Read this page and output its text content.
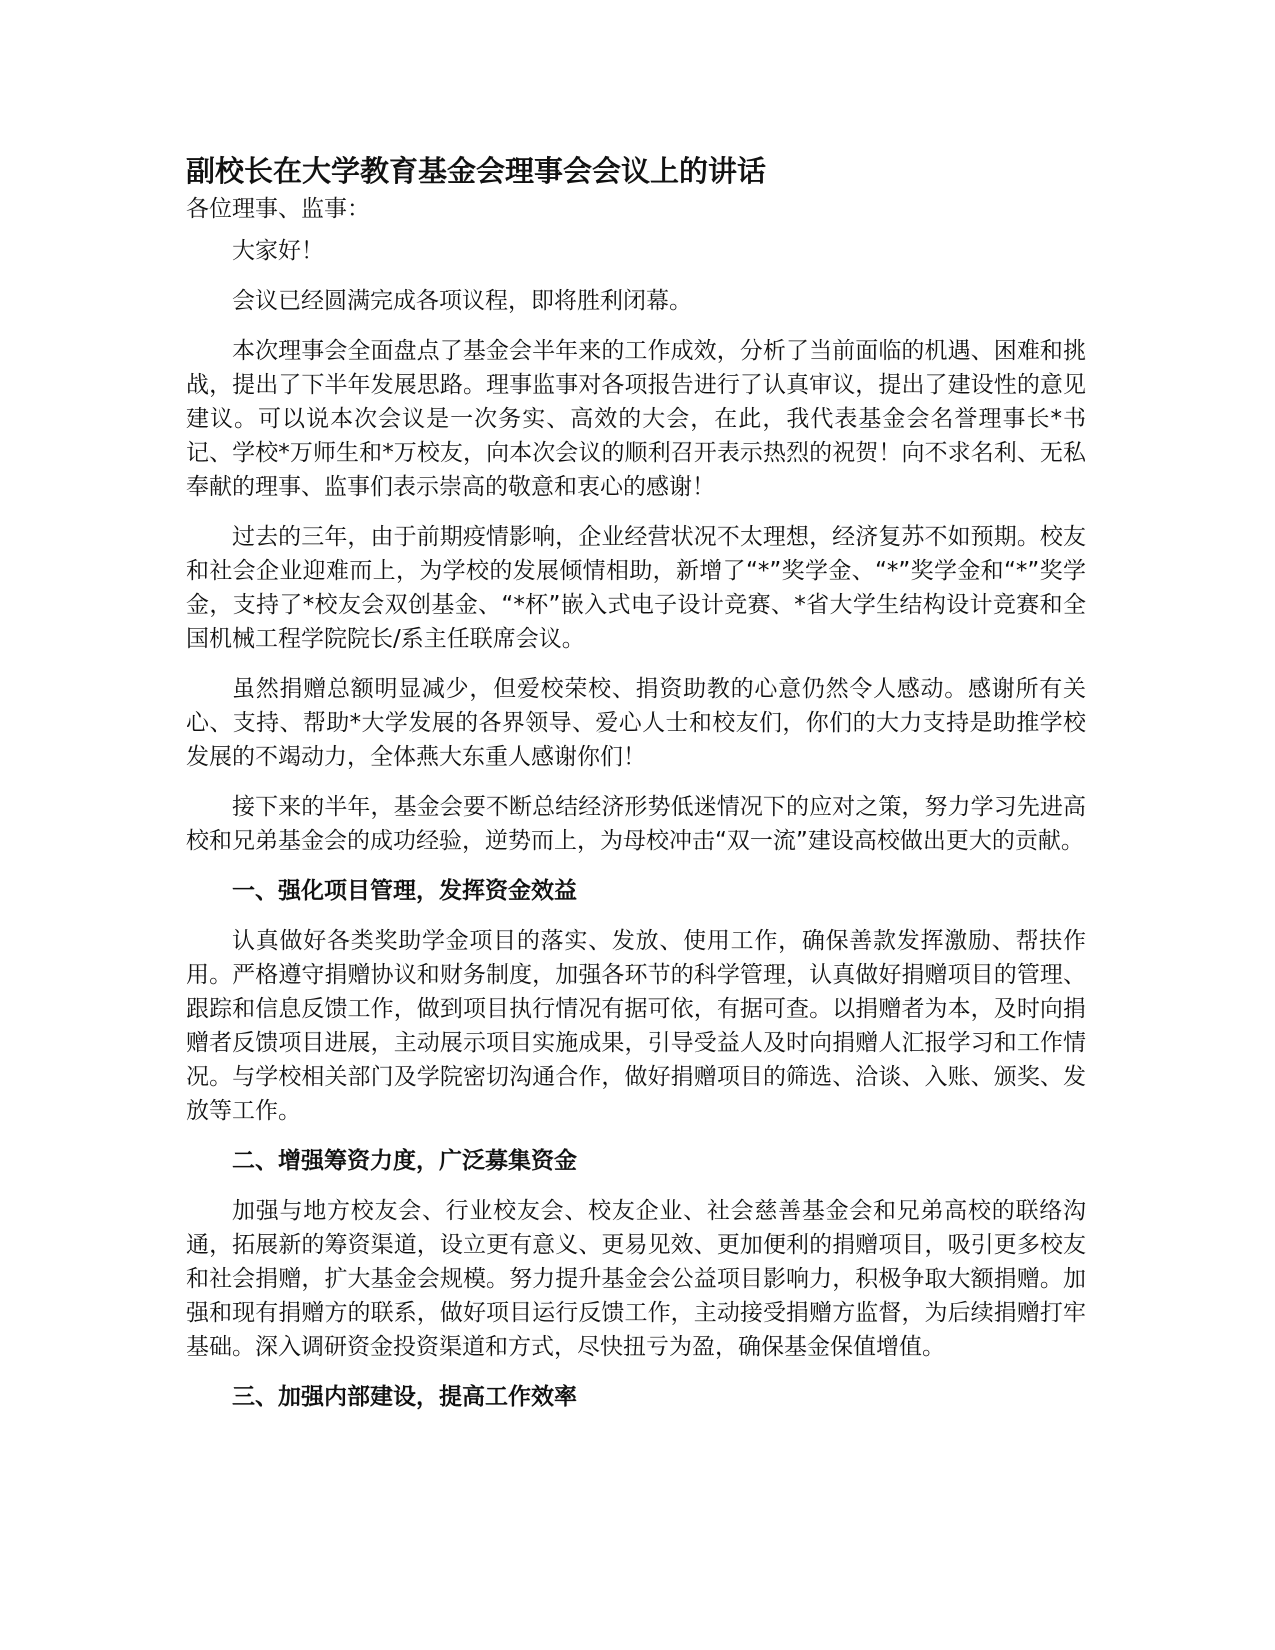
副校长在大学教育基金会理事会会议上的讲话

各位理事、监事：

大家好！

会议已经圆满完成各项议程，即将胜利闭幕。

本次理事会全面盘点了基金会半年来的工作成效，分析了当前面临的机遇、困难和挑战，提出了下半年发展思路。理事监事对各项报告进行了认真审议，提出了建设性的意见建议。可以说本次会议是一次务实、高效的大会，在此，我代表基金会名誉理事长*书记、学校*万师生和*万校友，向本次会议的顺利召开表示热烈的祝贺！向不求名利、无私奉献的理事、监事们表示崇高的敬意和衷心的感谢！

过去的三年，由于前期疫情影响，企业经营状况不太理想，经济复苏不如预期。校友和社会企业迎难而上，为学校的发展倾情相助，新增了“*”奖学金、“*”奖学金和“*”奖学金，支持了*校友会双创基金、“*杯”嵌入式电子设计竞赛、*省大学生结构设计竞赛和全国机械工程学院院长/系主任联席会议。

虽然捐赠总额明显减少，但爱校荣校、捐资助教的心意仍然令人感动。感谢所有关心、支持、帮助*大学发展的各界领导、爱心人士和校友们，你们的大力支持是助推学校发展的不竭动力，全体燕大东重人感谢你们！

接下来的半年，基金会要不断总结经济形势低迷情况下的应对之策，努力学习先进高校和兄弟基金会的成功经验，逆势而上，为母校冲击“双一流”建设高校做出更大的贡献。

一、强化项目管理，发挥资金效益

认真做好各类奖助学金项目的落实、发放、使用工作，确保善款发挥激励、帮扶作用。严格遵守捐赠协议和财务制度，加强各环节的科学管理，认真做好捐赠项目的管理、跟踪和信息反馈工作，做到项目执行情况有据可依，有据可查。以捐赠者为本，及时向捐赠者反馈项目进展，主动展示项目实施成果，引导受益人及时向捐赠人汇报学习和工作情况。与学校相关部门及学院密切沟通合作，做好捐赠项目的筛选、洽谈、入账、颁奖、发放等工作。

二、增强筹资力度，广泛募集资金

加强与地方校友会、行业校友会、校友企业、社会慈善基金会和兄弟高校的联络沟通，拓展新的筹资渠道，设立更有意义、更易见效、更加便利的捐赠项目，吸引更多校友和社会捐赠，扩大基金会规模。努力提升基金会公益项目影响力，积极争取大额捐赠。加强和现有捐赠方的联系，做好项目运行反馈工作，主动接受捐赠方监督，为后续捐赠打牢基础。深入调研资金投资渠道和方式，尽快扭亏为盈，确保基金保值增值。

三、加强内部建设，提高工作效率
